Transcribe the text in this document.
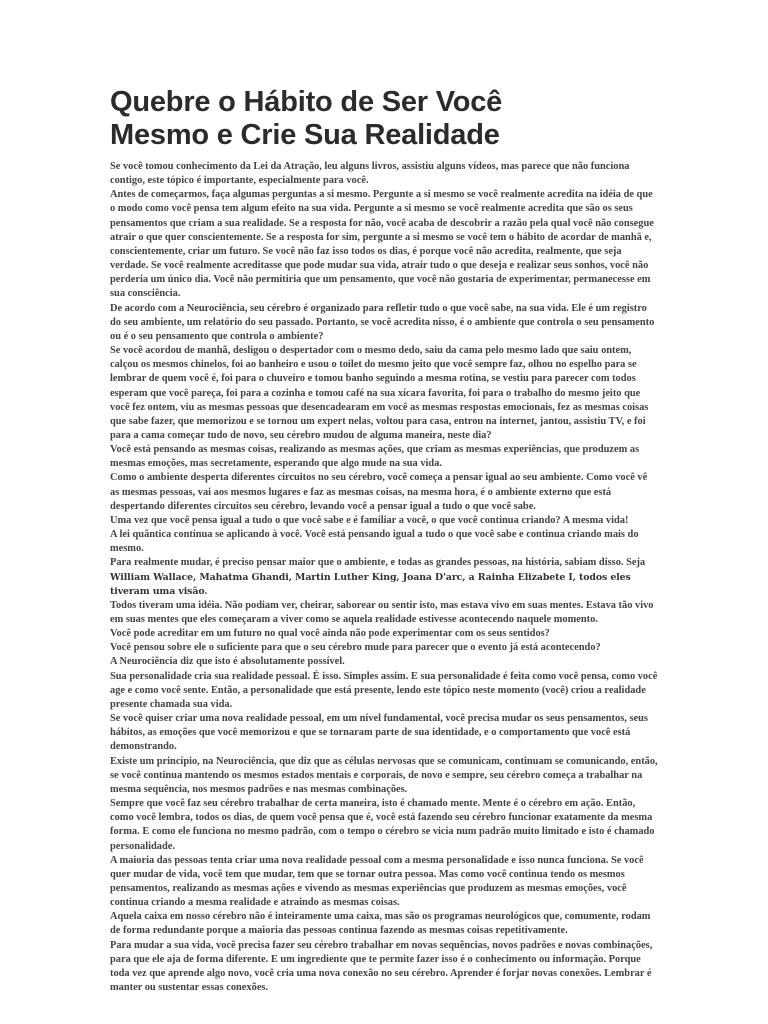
Quebre o Hábito de Ser Você
Mesmo e Crie Sua Realidade

Se você tomou conhecimento da Lei da Atração, leu alguns livros, assistiu alguns vídeos, mas parece que não funciona contigo, este tópico é importante, especialmente para você.

Antes de começarmos, faça algumas perguntas a si mesmo. Pergunte a si mesmo se você realmente acredita na idéia de que o modo como você pensa tem algum efeito na sua vida. Pergunte a si mesmo se você realmente acredita que são os seus pensamentos que criam a sua realidade. Se a resposta for não, você acaba de descobrir a razão pela qual você não consegue atrair o que quer conscientemente. Se a resposta for sim, pergunte a si mesmo se você tem o hábito de acordar de manhã e, conscientemente, criar um futuro. Se você não faz isso todos os dias, é porque você não acredita, realmente, que seja verdade. Se você realmente acreditasse que pode mudar sua vida, atrair tudo o que deseja e realizar seus sonhos, você não perderia um único dia. Você não permitiria que um pensamento, que você não gostaria de experimentar, permanecesse em sua consciência.

De acordo com a Neurociência, seu cérebro é organizado para refletir tudo o que você sabe, na sua vida. Ele é um registro do seu ambiente, um relatório do seu passado. Portanto, se você acredita nisso, é o ambiente que controla o seu pensamento ou é o seu pensamento que controla o ambiente?

Se você acordou de manhã, desligou o despertador com o mesmo dedo, saiu da cama pelo mesmo lado que saiu ontem, calçou os mesmos chinelos, foi ao banheiro e usou o toilet do mesmo jeito que você sempre faz, olhou no espelho para se lembrar de quem você é, foi para o chuveiro e tomou banho seguindo a mesma rotina, se vestiu para parecer com todos esperam que você pareça, foi para a cozinha e tomou café na sua xícara favorita, foi para o trabalho do mesmo jeito que você fez ontem, viu as mesmas pessoas que desencadearam em você as mesmas respostas emocionais, fez as mesmas coisas que sabe fazer, que memorizou e se tornou um expert nelas, voltou para casa, entrou na internet, jantou, assistiu TV, e foi para a cama começar tudo de novo, seu cérebro mudou de alguma maneira, neste dia?

Você está pensando as mesmas coisas, realizando as mesmas ações, que criam as mesmas experiências, que produzem as mesmas emoções, mas secretamente, esperando que algo mude na sua vida.

Como o ambiente desperta diferentes circuitos no seu cérebro, você começa a pensar igual ao seu ambiente. Como você vê as mesmas pessoas, vai aos mesmos lugares e faz as mesmas coisas, na mesma hora, é o ambiente externo que está despertando diferentes circuitos seu cérebro, levando você a pensar igual a tudo o que você sabe.

Uma vez que você pensa igual a tudo o que você sabe e é familiar a você, o que você continua criando? A mesma vida!

A lei quântica continua se aplicando à você. Você está pensando igual a tudo o que você sabe e continua criando mais do mesmo.

Para realmente mudar, é preciso pensar maior que o ambiente, e todas as grandes pessoas, na história, sabiam disso. Seja
William Wallace, Mahatma Ghandi, Martin Luther King, Joana D'arc, a Rainha Elizabete I, todos eles tiveram uma visão.
Todos tiveram uma idéia. Não podiam ver, cheirar, saborear ou sentir isto, mas estava vivo em suas mentes. Estava tão vivo em suas mentes que eles começaram a viver como se aquela realidade estivesse acontecendo naquele momento.

Você pode acreditar em um futuro no qual você ainda não pode experimentar com os seus sentidos?

Você pensou sobre ele o suficiente para que o seu cérebro mude para parecer que o evento já está acontecendo?

A Neurociência diz que isto é absolutamente possível.

Sua personalidade cria sua realidade pessoal. É isso. Simples assim. E sua personalidade é feita como você pensa, como você age e como você sente. Então, a personalidade que está presente, lendo este tópico neste momento (você) criou a realidade presente chamada sua vida.

Se você quiser criar uma nova realidade pessoal, em um nível fundamental, você precisa mudar os seus pensamentos, seus hábitos, as emoções que você memorizou e que se tornaram parte de sua identidade, e o comportamento que você está demonstrando.

Existe um princípio, na Neurociência, que diz que as células nervosas que se comunicam, continuam se comunicando, então, se você continua mantendo os mesmos estados mentais e corporais, de novo e sempre, seu cérebro começa a trabalhar na mesma sequência, nos mesmos padrões e nas mesmas combinações.

Sempre que você faz seu cérebro trabalhar de certa maneira, isto é chamado mente. Mente é o cérebro em ação. Então, como você lembra, todos os dias, de quem você pensa que é, você está fazendo seu cérebro funcionar exatamente da mesma forma. E como ele funciona no mesmo padrão, com o tempo o cérebro se vicia num padrão muito limitado e isto é chamado personalidade.

A maioria das pessoas tenta criar uma nova realidade pessoal com a mesma personalidade e isso nunca funciona. Se você quer mudar de vida, você tem que mudar, tem que se tornar outra pessoa. Mas como você continua tendo os mesmos pensamentos, realizando as mesmas ações e vivendo as mesmas experiências que produzem as mesmas emoções, você continua criando a mesma realidade e atraindo as mesmas coisas.

Aquela caixa em nosso cérebro não é inteiramente uma caixa, mas são os programas neurológicos que, comumente, rodam de forma redundante porque a maioria das pessoas continua fazendo as mesmas coisas repetitivamente.

Para mudar a sua vida, você precisa fazer seu cérebro trabalhar em novas sequências, novos padrões e novas combinações, para que ele aja de forma diferente. E um ingrediente que te permite fazer isso é o conhecimento ou informação. Porque toda vez que aprende algo novo, você cria uma nova conexão no seu cérebro. Aprender é forjar novas conexões. Lembrar é manter ou sustentar essas conexões.
